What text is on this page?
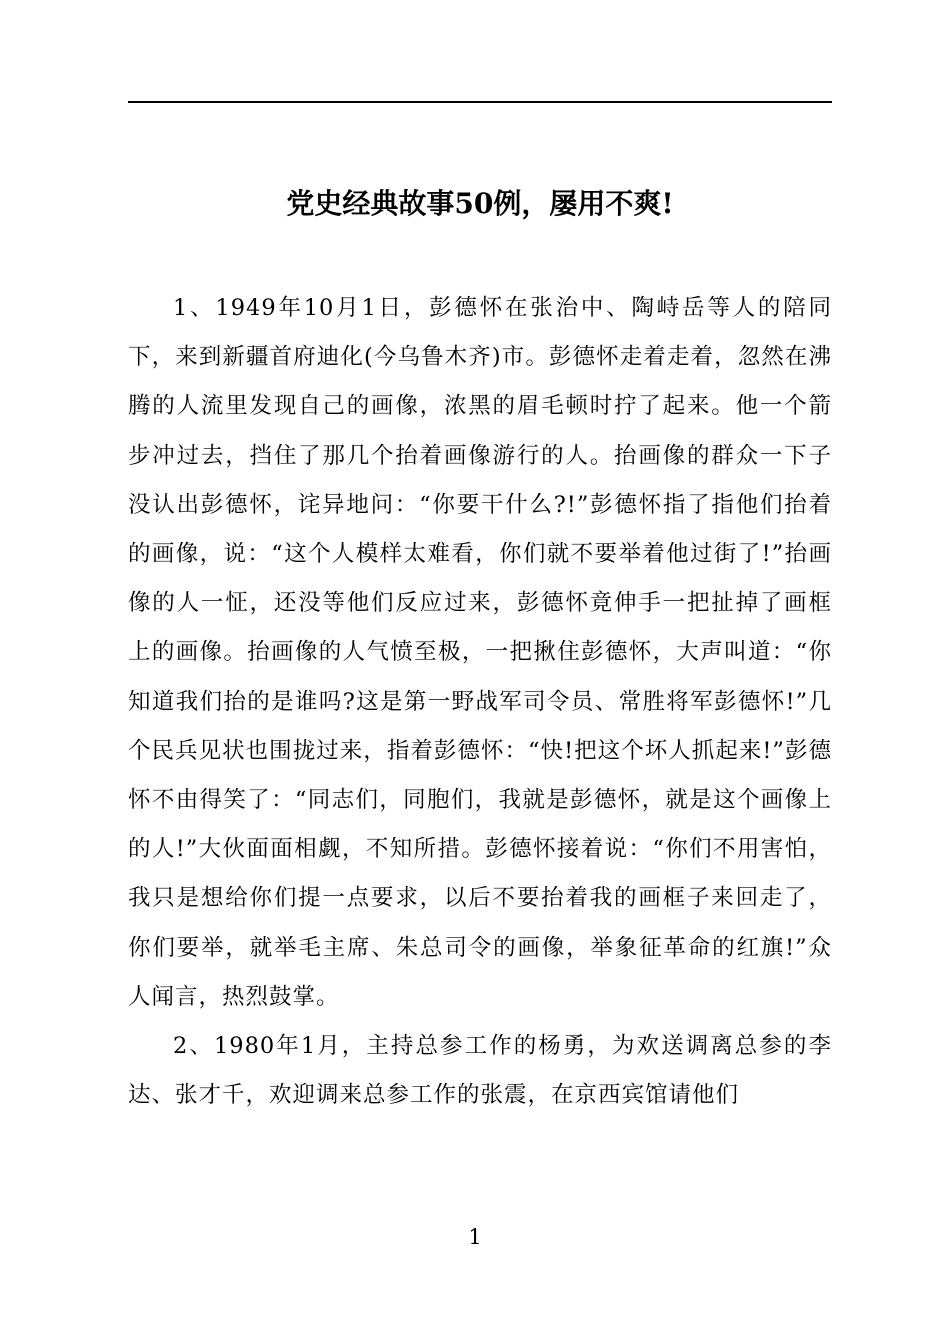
党史经典故事50例，屡用不爽!

1、1949年10月1日，彭德怀在张治中、陶峙岳等人的陪同下，来到新疆首府迪化(今乌鲁木齐)市。彭德怀走着走着，忽然在沸腾的人流里发现自己的画像，浓黑的眉毛顿时拧了起来。他一个箭步冲过去，挡住了那几个抬着画像游行的人。抬画像的群众一下子没认出彭德怀，诧异地问：“你要干什么?!”彭德怀指了指他们抬着的画像，说：“这个人模样太难看，你们就不要举着他过街了!”抬画像的人一怔，还没等他们反应过来，彭德怀竟伸手一把扯掉了画框上的画像。抬画像的人气愤至极，一把揪住彭德怀，大声叫道：“你知道我们抬的是谁吗?这是第一野战军司令员、常胜将军彭德怀!”几个民兵见状也围拢过来，指着彭德怀：“快!把这个坏人抓起来!”彭德怀不由得笑了：“同志们，同胞们，我就是彭德怀，就是这个画像上的人!”大伙面面相觑，不知所措。彭德怀接着说：“你们不用害怕，我只是想给你们提一点要求，以后不要抬着我的画框子来回走了，你们要举，就举毛主席、朱总司令的画像，举象征革命的红旗!”众人闻言，热烈鼓掌。

2、1980年1月，主持总参工作的杨勇，为欢送调离总参的李达、张才千，欢迎调来总参工作的张震，在京西宾馆请他们

1
